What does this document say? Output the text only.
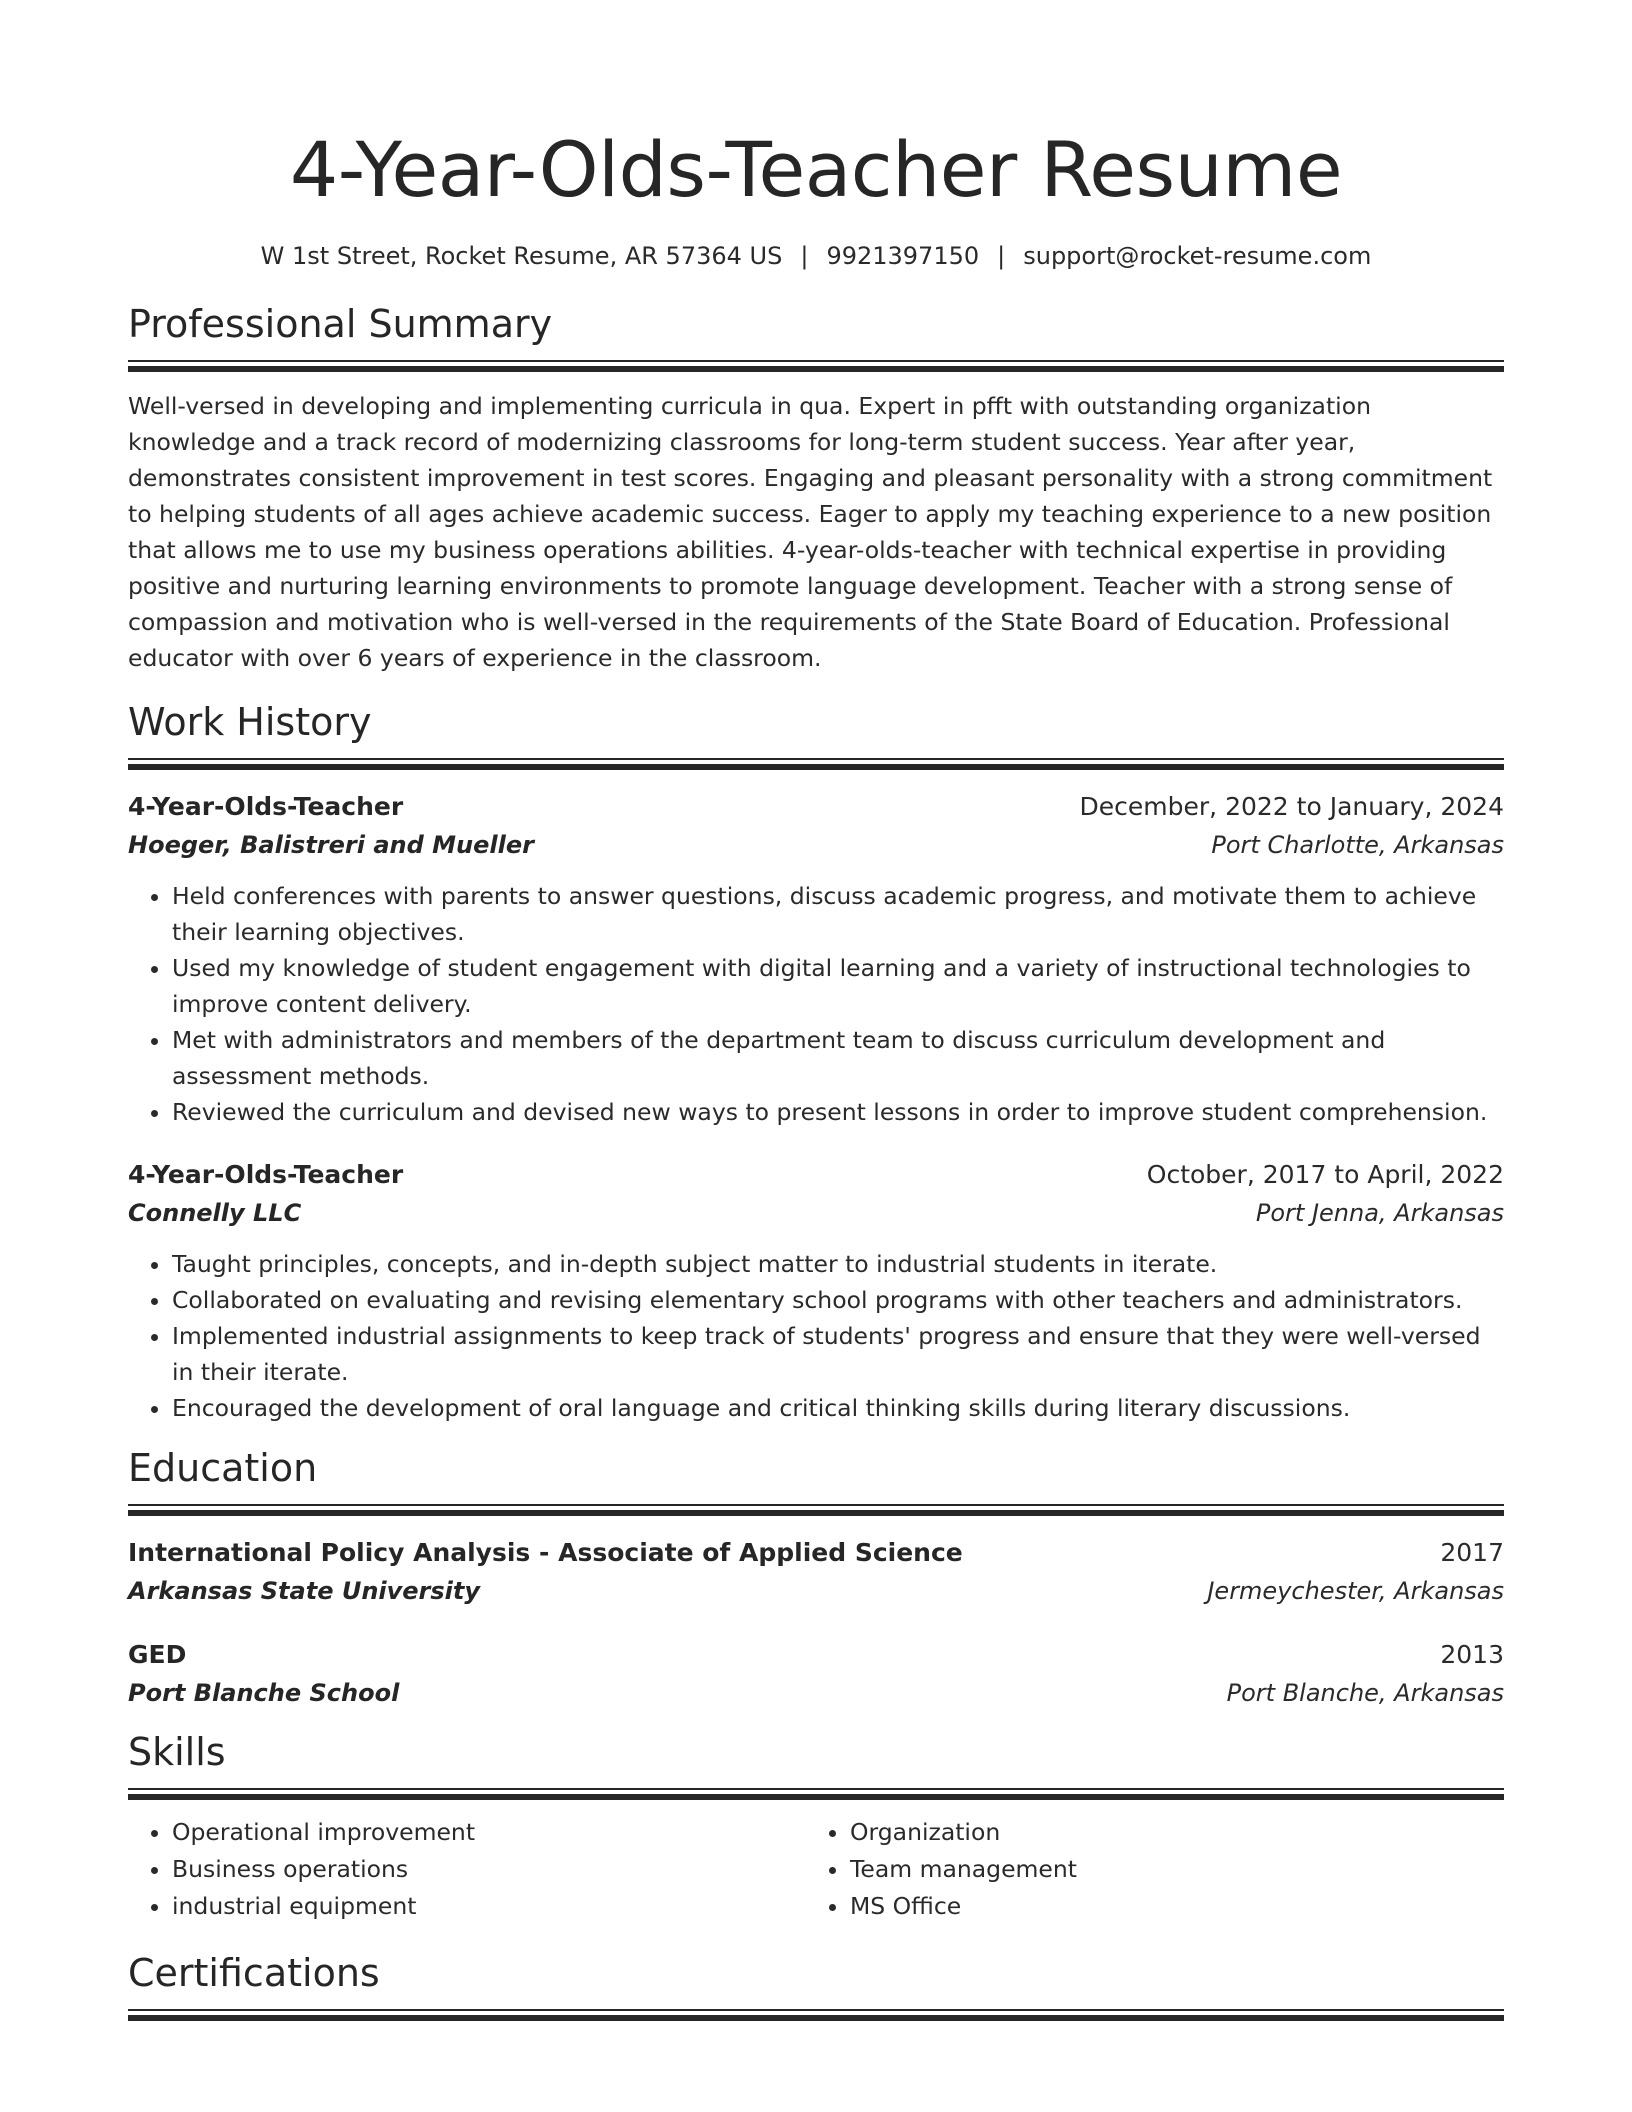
4-Year-Olds-Teacher Resume
W 1st Street, Rocket Resume, AR 57364 US | 9921397150 | support@rocket-resume.com
Professional Summary

Well-versed in developing and implementing curricula in qua. Expert in pfft with outstanding organization knowledge and a track record of modernizing classrooms for long-term student success. Year after year, demonstrates consistent improvement in test scores. Engaging and pleasant personality with a strong commitment to helping students of all ages achieve academic success. Eager to apply my teaching experience to a new position that allows me to use my business operations abilities. 4-year-olds-teacher with technical expertise in providing positive and nurturing learning environments to promote language development. Teacher with a strong sense of compassion and motivation who is well-versed in the requirements of the State Board of Education. Professional educator with over 6 years of experience in the classroom.

Work History
4-Year-Olds-Teacher	December, 2022 to January, 2024
Hoeger, Balistreri and Mueller	Port Charlotte, Arkansas
• Held conferences with parents to answer questions, discuss academic progress, and motivate them to achieve their learning objectives.
• Used my knowledge of student engagement with digital learning and a variety of instructional technologies to improve content delivery.
• Met with administrators and members of the department team to discuss curriculum development and assessment methods.
• Reviewed the curriculum and devised new ways to present lessons in order to improve student comprehension.
4-Year-Olds-Teacher	October, 2017 to April, 2022
Connelly LLC	Port Jenna, Arkansas
• Taught principles, concepts, and in-depth subject matter to industrial students in iterate.
• Collaborated on evaluating and revising elementary school programs with other teachers and administrators.
• Implemented industrial assignments to keep track of students' progress and ensure that they were well-versed in their iterate.
• Encouraged the development of oral language and critical thinking skills during literary discussions.
Education
International Policy Analysis - Associate of Applied Science	2017
Arkansas State University	Jermeychester, Arkansas
GED	2013
Port Blanche School	Port Blanche, Arkansas
Skills
• Operational improvement
• Business operations
• industrial equipment
• Organization
• Team management
• MS Office
Certifications
